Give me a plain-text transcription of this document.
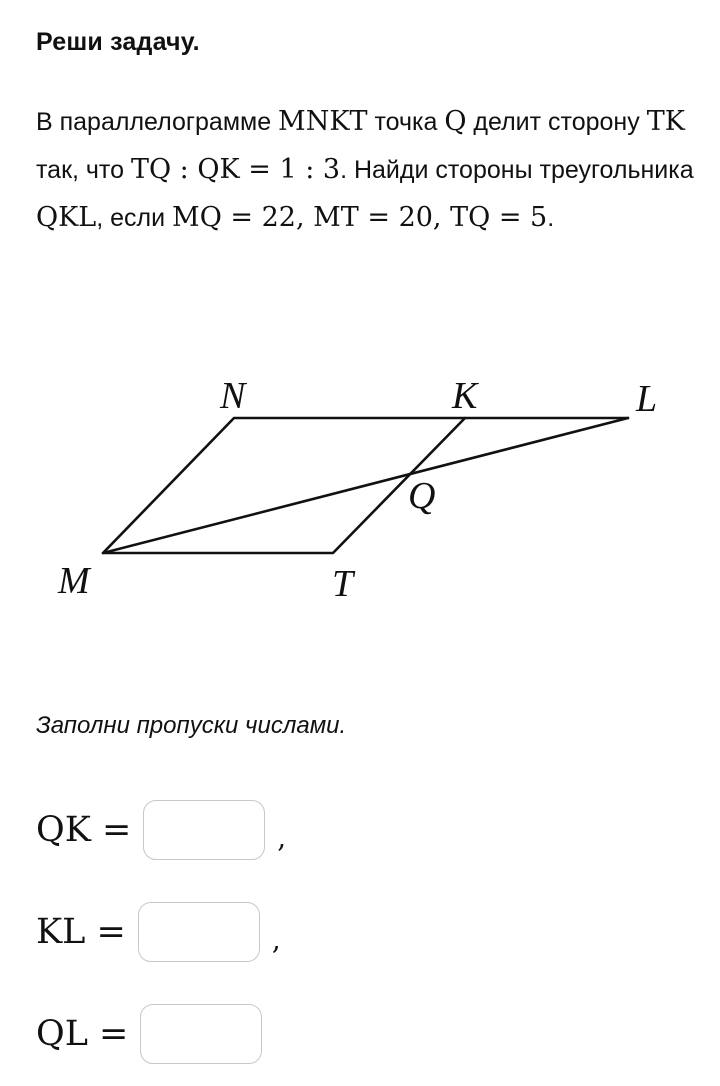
Реши задачу.
В параллелограмме MNKT точка Q делит сторону TK так, что TQ : QK = 1 : 3. Найди стороны треугольника QKL, если MQ = 22, MT = 20, TQ = 5.
N	K	L
Q
M	T
Заполни пропуски числами.
QK =	,
KL =	,
QL =
